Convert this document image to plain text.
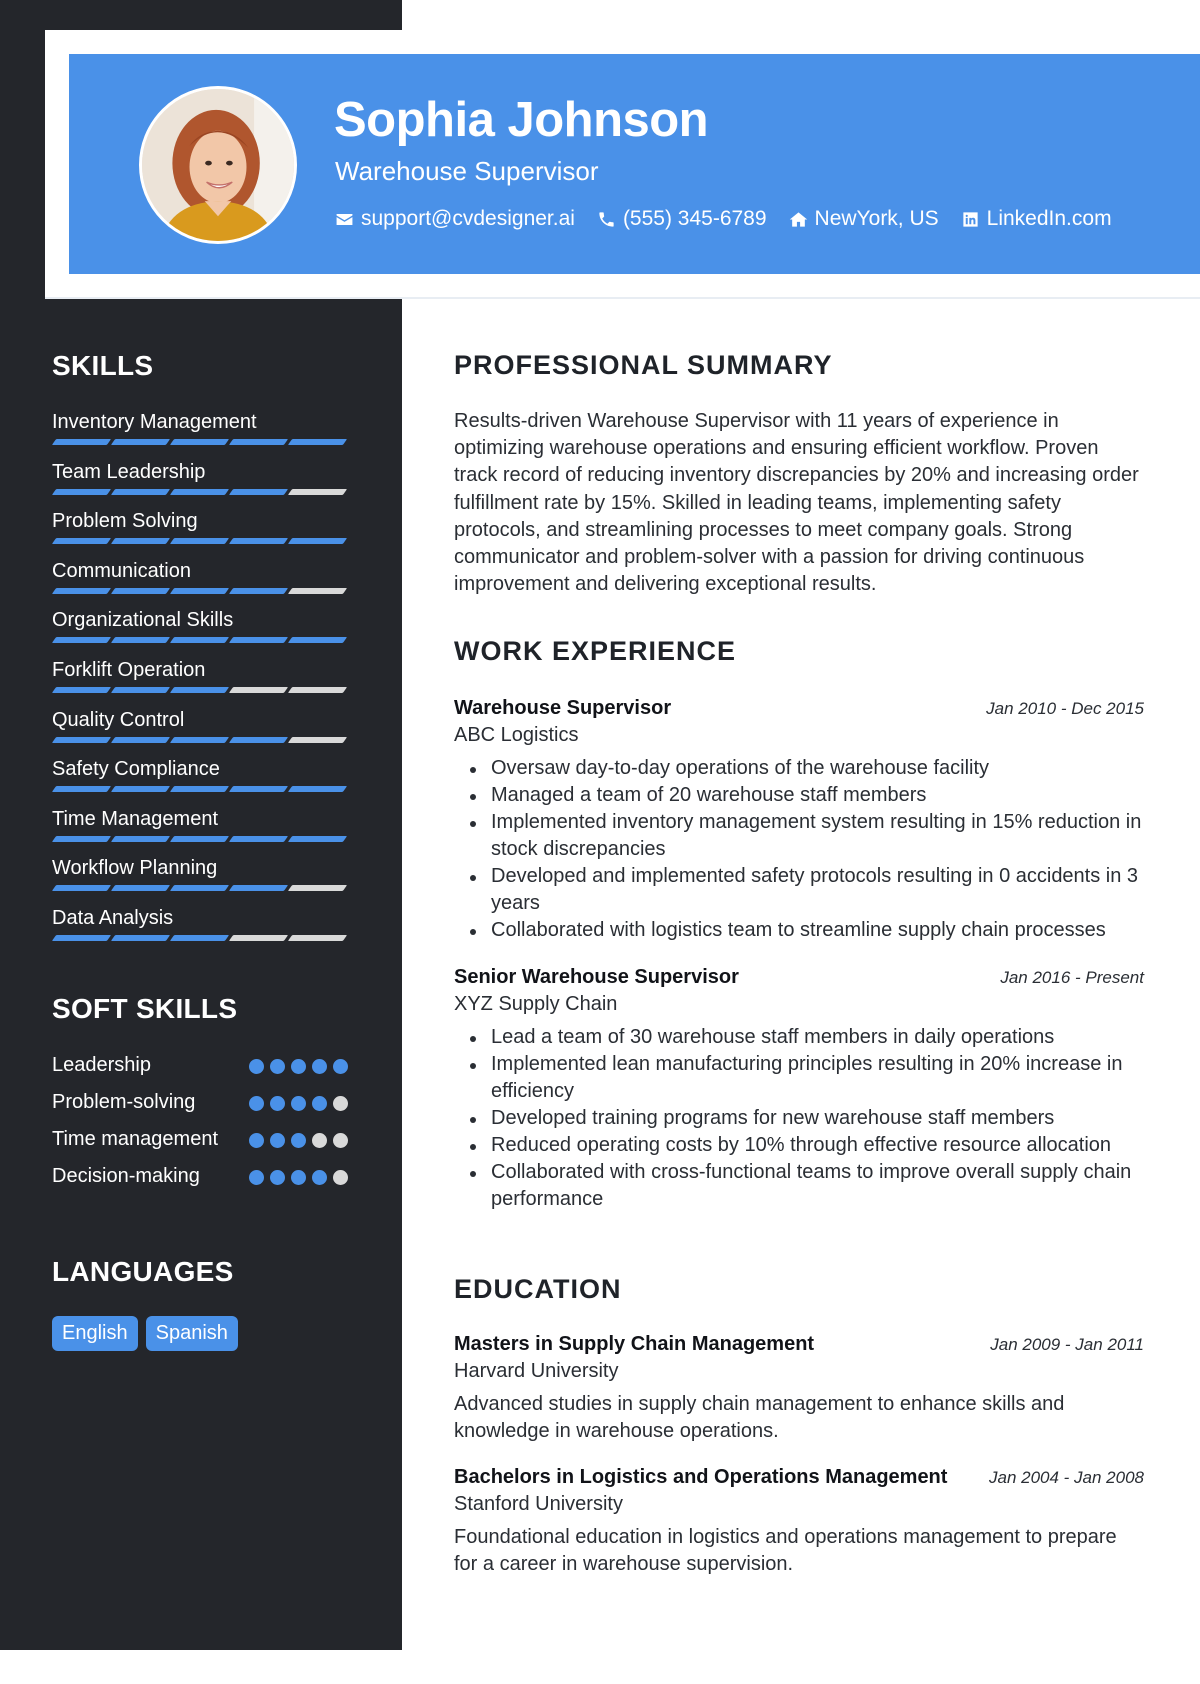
Sophia Johnson
Warehouse Supervisor
support@cvdesigner.ai (555) 345-6789 NewYork, US LinkedIn.com
SKILLS
Inventory Management
Team Leadership
Problem Solving
Communication
Organizational Skills
Forklift Operation
Quality Control
Safety Compliance
Time Management
Workflow Planning
Data Analysis
SOFT SKILLS
Leadership
Problem-solving
Time management
Decision-making
LANGUAGES
English	Spanish
PROFESSIONAL SUMMARY
Results-driven Warehouse Supervisor with 11 years of experience in optimizing warehouse operations and ensuring efficient workflow. Proven track record of reducing inventory discrepancies by 20% and increasing order fulfillment rate by 15%. Skilled in leading teams, implementing safety protocols, and streamlining processes to meet company goals. Strong communicator and problem-solver with a passion for driving continuous improvement and delivering exceptional results.
WORK EXPERIENCE
Warehouse Supervisor	Jan 2010 - Dec 2015
ABC Logistics
Oversaw day-to-day operations of the warehouse facility
Managed a team of 20 warehouse staff members
Implemented inventory management system resulting in 15% reduction in stock discrepancies
Developed and implemented safety protocols resulting in 0 accidents in 3 years
Collaborated with logistics team to streamline supply chain processes
Senior Warehouse Supervisor	Jan 2016 - Present
XYZ Supply Chain
Lead a team of 30 warehouse staff members in daily operations
Implemented lean manufacturing principles resulting in 20% increase in efficiency
Developed training programs for new warehouse staff members
Reduced operating costs by 10% through effective resource allocation
Collaborated with cross-functional teams to improve overall supply chain performance
EDUCATION
Masters in Supply Chain Management	Jan 2009 - Jan 2011
Harvard University
Advanced studies in supply chain management to enhance skills and knowledge in warehouse operations.
Bachelors in Logistics and Operations Management Jan 2004 - Jan 2008
Stanford University
Foundational education in logistics and operations management to prepare for a career in warehouse supervision.
